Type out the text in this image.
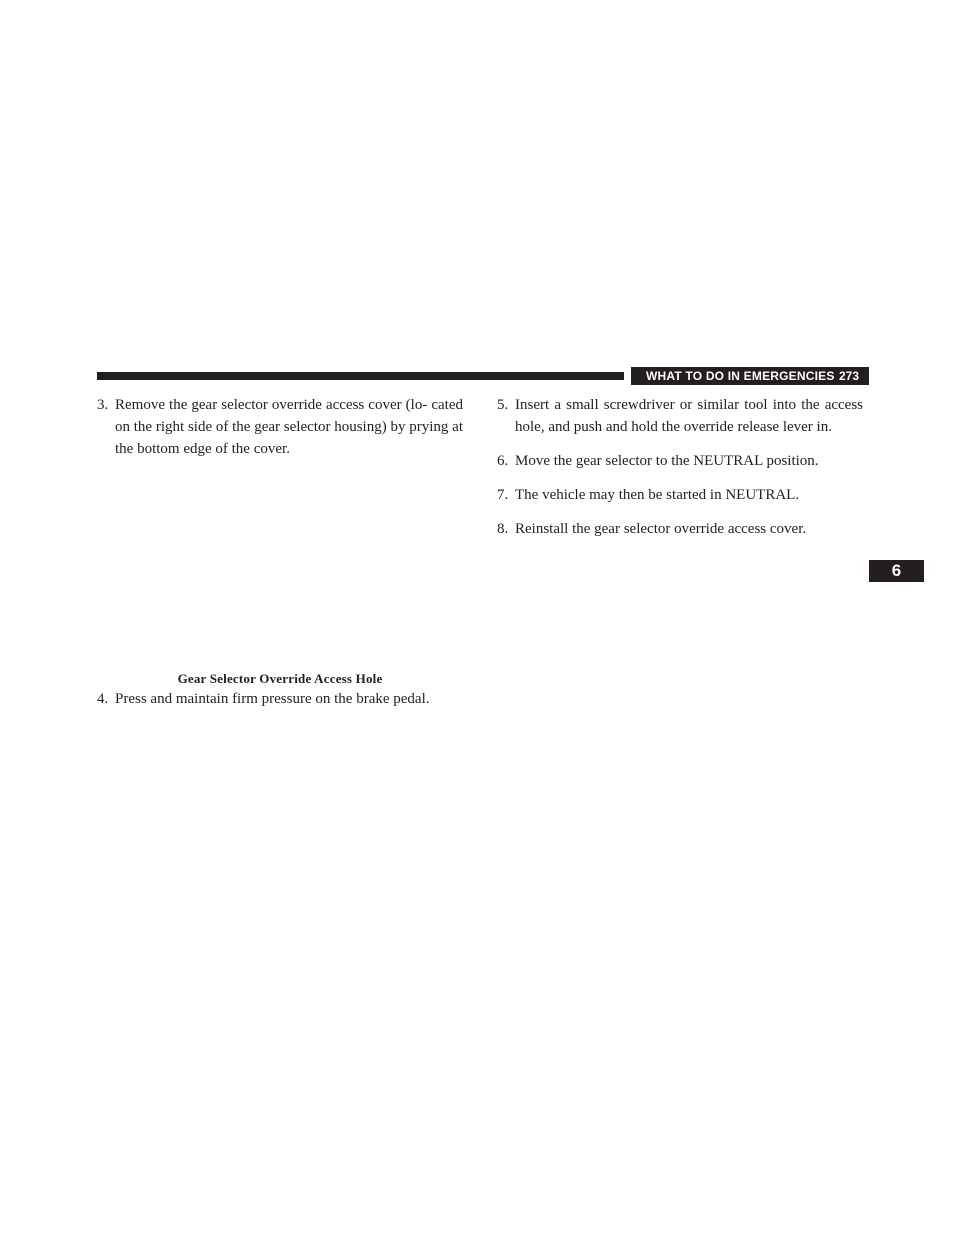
WHAT TO DO IN EMERGENCIES 273
6

3. Remove the gear selector override access cover (lo- cated on the right side of the gear selector housing) by prying at the bottom edge of the cover.

Gear Selector Override Access Hole
4. Press and maintain firm pressure on the brake pedal.

5. Insert a small screwdriver or similar tool into the access hole, and push and hold the override release lever in.

6. Move the gear selector to the NEUTRAL position.

7. The vehicle may then be started in NEUTRAL.

8. Reinstall the gear selector override access cover.
